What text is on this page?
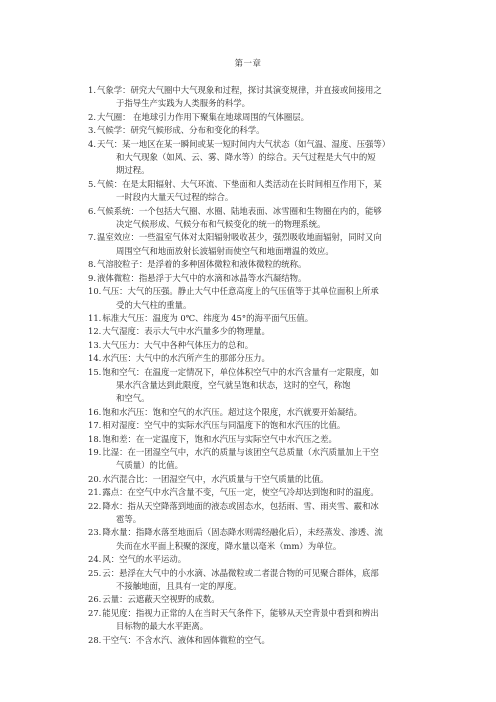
第一章
1.气象学：研究大气圈中大气现象和过程，探讨其演变规律，并直接或间接用之
于指导生产实践为人类服务的科学。
2.大气圈： 在地球引力作用下聚集在地球周围的气体圈层。
3.气候学：研究气候形成、分布和变化的科学。
4.天气：某一地区在某一瞬间或某一短时间内大气状态（如气温、湿度、压强等）
和大气现象（如风、云、雾、降水等）的综合。天气过程是大气中的短
期过程。
5.气候：在是太阳辐射、大气环流、下垫面和人类活动在长时间相互作用下，某
一时段内大量天气过程的综合。
6.气候系统：一个包括大气圈、水圈、陆地表面、冰雪圈和生物圈在内的，能够
决定气候形成、气候分布和气候变化的统一的物理系统。
7.温室效应：一些温室气体对太阳辐射吸收甚少，强烈吸收地面辐射，同时又向
周围空气和地面放射长波辐射而使空气和地面增温的效应。
8.气溶胶粒子：是浮着的多种固体微粒和液体微粒的统称。
9.液体微粒：指悬浮于大气中的水滴和冰晶等水汽凝结物。
10.气压：大气的压强。静止大气中任意高度上的气压值等于其单位面积上所承
受的大气柱的重量。
11.标准大气压：温度为 0℃、纬度为 45°的海平面气压值。
12.大气湿度：表示大气中水汽量多少的物理量。
13.大气压力：大气中各种气体压力的总和。
14.水汽压：大气中的水汽所产生的那部分压力。
15.饱和空气：在温度一定情况下，单位体积空气中的水汽含量有一定限度，如
果水汽含量达到此限度，空气就呈饱和状态，这时的空气，称饱
和空气。
16.饱和水汽压：饱和空气的水汽压。超过这个限度，水汽就要开始凝结。
17.相对湿度：空气中的实际水汽压与同温度下的饱和水汽压的比值。
18.饱和差：在一定温度下，饱和水汽压与实际空气中水汽压之差。
19.比湿：在一团湿空气中，水汽的质量与该团空气总质量（水汽质量加上干空
气质量）的比值。
20.水汽混合比：一团湿空气中，水汽质量与干空气质量的比值。
21.露点：在空气中水汽含量不变，气压一定，使空气冷却达到饱和时的温度。
22.降水：指从天空降落到地面的液态或固态水，包括雨、雪、雨夹雪、霰和冰
雹等。
23.降水量：指降水落至地面后（固态降水则需经融化后），未经蒸发、渗透、流
失而在水平面上积聚的深度，降水量以毫米（mm）为单位。
24.风：空气的水平运动。
25.云：悬浮在大气中的小水滴、冰晶微粒或二者混合物的可见聚合群体，底部
不接触地面，且具有一定的厚度。
26.云量：云遮蔽天空视野的成数。
27.能见度：指视力正常的人在当时天气条件下，能够从天空背景中看到和辨出
目标物的最大水平距离。
28.干空气：不含水汽、液体和固体微粒的空气。
